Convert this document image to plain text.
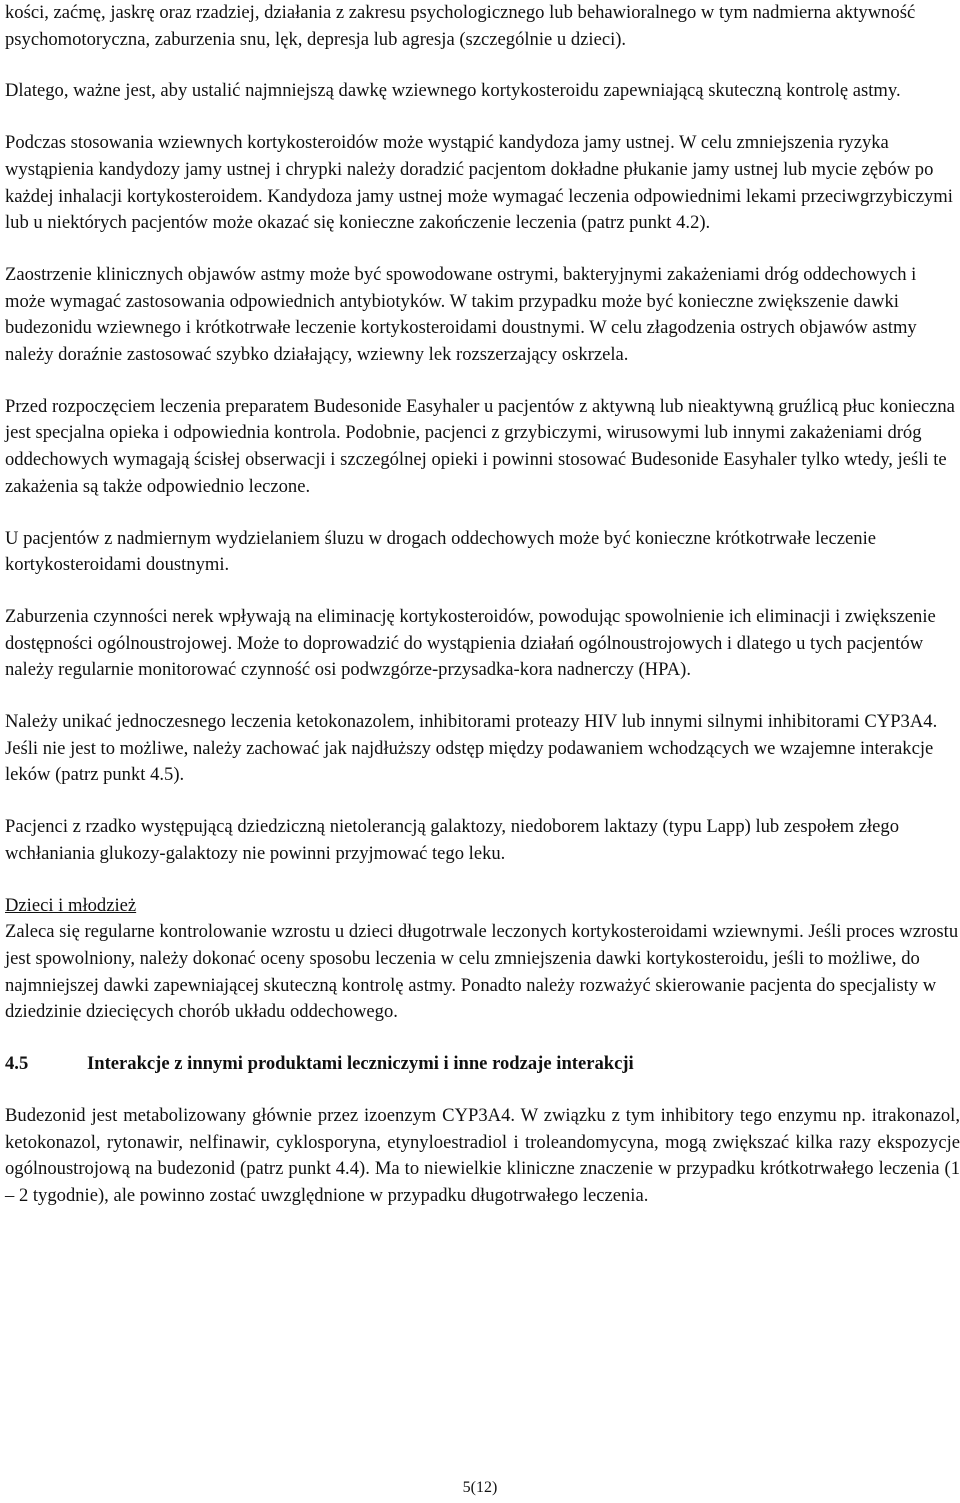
kości, zaćmę, jaskrę oraz rzadziej, działania z zakresu psychologicznego lub behawioralnego w tym nadmierna aktywność psychomotoryczna, zaburzenia snu, lęk, depresja lub agresja (szczególnie u dzieci).

Dlatego, ważne jest, aby ustalić najmniejszą dawkę wziewnego kortykosteroidu zapewniającą skuteczną kontrolę astmy.

Podczas stosowania wziewnych kortykosteroidów może wystąpić kandydoza jamy ustnej. W celu zmniejszenia ryzyka wystąpienia kandydozy jamy ustnej i chrypki należy doradzić pacjentom dokładne płukanie jamy ustnej lub mycie zębów po każdej inhalacji kortykosteroidem. Kandydoza jamy ustnej może wymagać leczenia odpowiednimi lekami przeciwgrzybiczymi lub u niektórych pacjentów może okazać się konieczne zakończenie leczenia (patrz punkt 4.2).

Zaostrzenie klinicznych objawów astmy może być spowodowane ostrymi, bakteryjnymi zakażeniami dróg oddechowych i może wymagać zastosowania odpowiednich antybiotyków. W takim przypadku może być konieczne zwiększenie dawki budezonidu wziewnego i krótkotrwałe leczenie kortykosteroidami doustnymi. W celu złagodzenia ostrych objawów astmy należy doraźnie zastosować szybko działający, wziewny lek rozszerzający oskrzela.

Przed rozpoczęciem leczenia preparatem Budesonide Easyhaler u pacjentów z aktywną lub nieaktywną gruźlicą płuc konieczna jest specjalna opieka i odpowiednia kontrola. Podobnie, pacjenci z grzybiczymi, wirusowymi lub innymi zakażeniami dróg oddechowych wymagają ścisłej obserwacji i szczególnej opieki i powinni stosować Budesonide Easyhaler tylko wtedy, jeśli te zakażenia są także odpowiednio leczone.

U pacjentów z nadmiernym wydzielaniem śluzu w drogach oddechowych może być konieczne krótkotrwałe leczenie kortykosteroidami doustnymi.

Zaburzenia czynności nerek wpływają na eliminację kortykosteroidów, powodując spowolnienie ich eliminacji i zwiększenie dostępności ogólnoustrojowej. Może to doprowadzić do wystąpienia działań ogólnoustrojowych i dlatego u tych pacjentów należy regularnie monitorować czynność osi podwzgórze-przysadka-kora nadnerczy (HPA).

Należy unikać jednoczesnego leczenia ketokonazolem, inhibitorami proteazy HIV lub innymi silnymi inhibitorami CYP3A4. Jeśli nie jest to możliwe, należy zachować jak najdłuższy odstęp między podawaniem wchodzących we wzajemne interakcje leków (patrz punkt 4.5).

Pacjenci z rzadko występującą dziedziczną nietolerancją galaktozy, niedoborem laktazy (typu Lapp) lub zespołem złego wchłaniania glukozy-galaktozy nie powinni przyjmować tego leku.

Dzieci i młodzież
Zaleca się regularne kontrolowanie wzrostu u dzieci długotrwale leczonych kortykosteroidami wziewnymi. Jeśli proces wzrostu jest spowolniony, należy dokonać oceny sposobu leczenia w celu zmniejszenia dawki kortykosteroidu, jeśli to możliwe, do najmniejszej dawki zapewniającej skuteczną kontrolę astmy. Ponadto należy rozważyć skierowanie pacjenta do specjalisty w dziedzinie dziecięcych chorób układu oddechowego.

4.5	Interakcje z innymi produktami leczniczymi i inne rodzaje interakcji

Budezonid jest metabolizowany głównie przez izoenzym CYP3A4. W związku z tym inhibitory tego enzymu np. itrakonazol, ketokonazol, rytonawir, nelfinawir, cyklosporyna, etynyloestradiol i troleandomycyna, mogą zwiększać kilka razy ekspozycje ogólnoustrojową na budezonid (patrz punkt 4.4). Ma to niewielkie kliniczne znaczenie w przypadku krótkotrwałego leczenia (1 – 2 tygodnie), ale powinno zostać uwzględnione w przypadku długotrwałego leczenia.

5(12)
